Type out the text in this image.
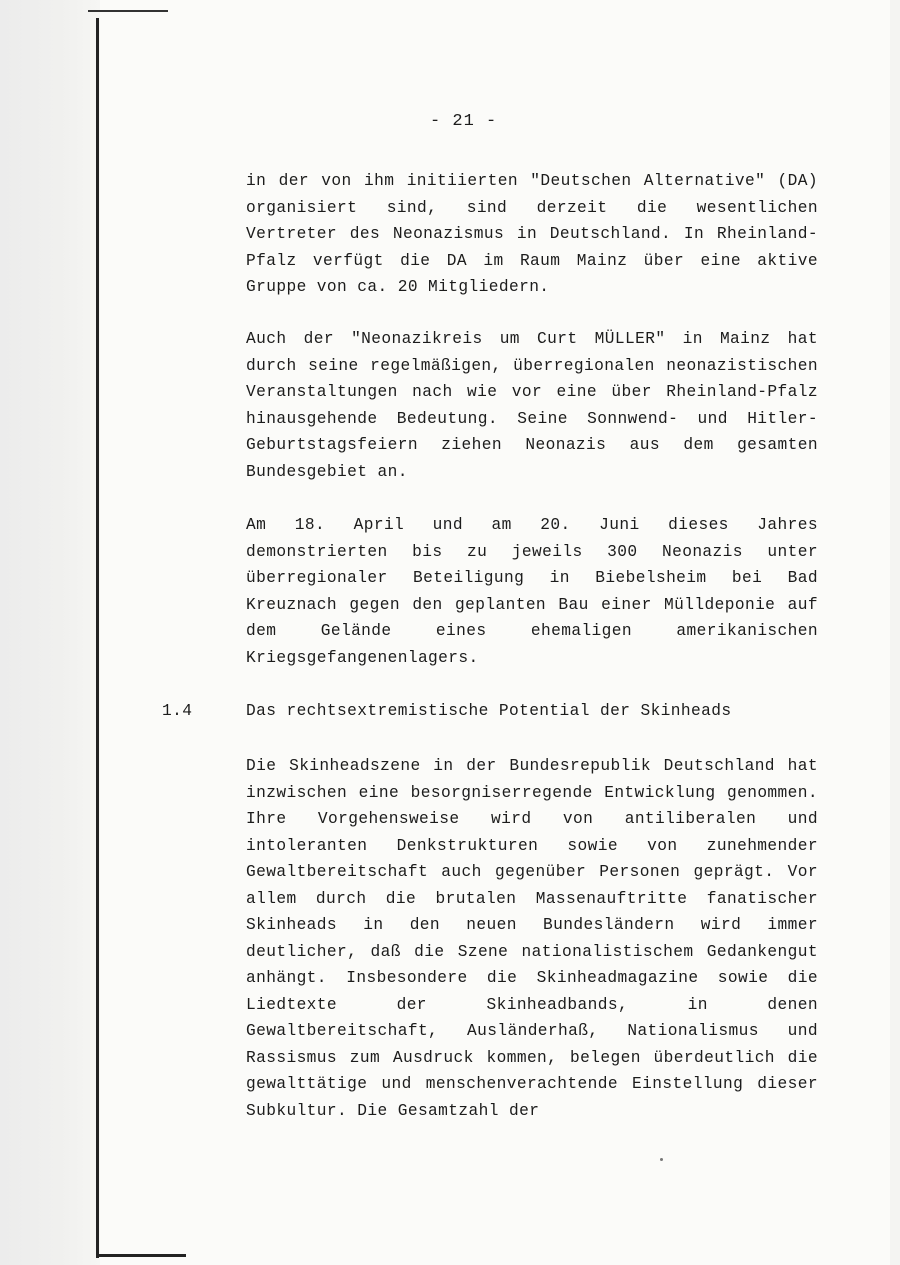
- 21 -

in der von ihm initiierten "Deutschen Alternative" (DA) organisiert sind, sind derzeit die wesentlichen Vertreter des Neonazismus in Deutschland. In Rheinland-Pfalz verfügt die DA im Raum Mainz über eine aktive Gruppe von ca. 20 Mitgliedern.

Auch der "Neonazikreis um Curt MÜLLER" in Mainz hat durch seine regelmäßigen, überregionalen neonazistischen Veranstaltungen nach wie vor eine über Rheinland-Pfalz hinausgehende Bedeutung. Seine Sonnwend- und Hitler-Geburtstagsfeiern ziehen Neonazis aus dem gesamten Bundesgebiet an.

Am 18. April und am 20. Juni dieses Jahres demonstrierten bis zu jeweils 300 Neonazis unter überregionaler Beteiligung in Biebelsheim bei Bad Kreuznach gegen den geplanten Bau einer Mülldeponie auf dem Gelände eines ehemaligen amerikanischen Kriegsgefangenenlagers.

1.4	Das rechtsextremistische Potential der Skinheads

Die Skinheadszene in der Bundesrepublik Deutschland hat inzwischen eine besorgniserregende Entwicklung genommen. Ihre Vorgehensweise wird von antiliberalen und intoleranten Denkstrukturen sowie von zunehmender Gewaltbereitschaft auch gegenüber Personen geprägt. Vor allem durch die brutalen Massenauftritte fanatischer Skinheads in den neuen Bundesländern wird immer deutlicher, daß die Szene nationalistischem Gedankengut anhängt. Insbesondere die Skinheadmagazine sowie die Liedtexte der Skinheadbands, in denen Gewaltbereitschaft, Ausländerhaß, Nationalismus und Rassismus zum Ausdruck kommen, belegen überdeutlich die gewalttätige und menschenverachtende Einstellung dieser Subkultur. Die Gesamtzahl der
